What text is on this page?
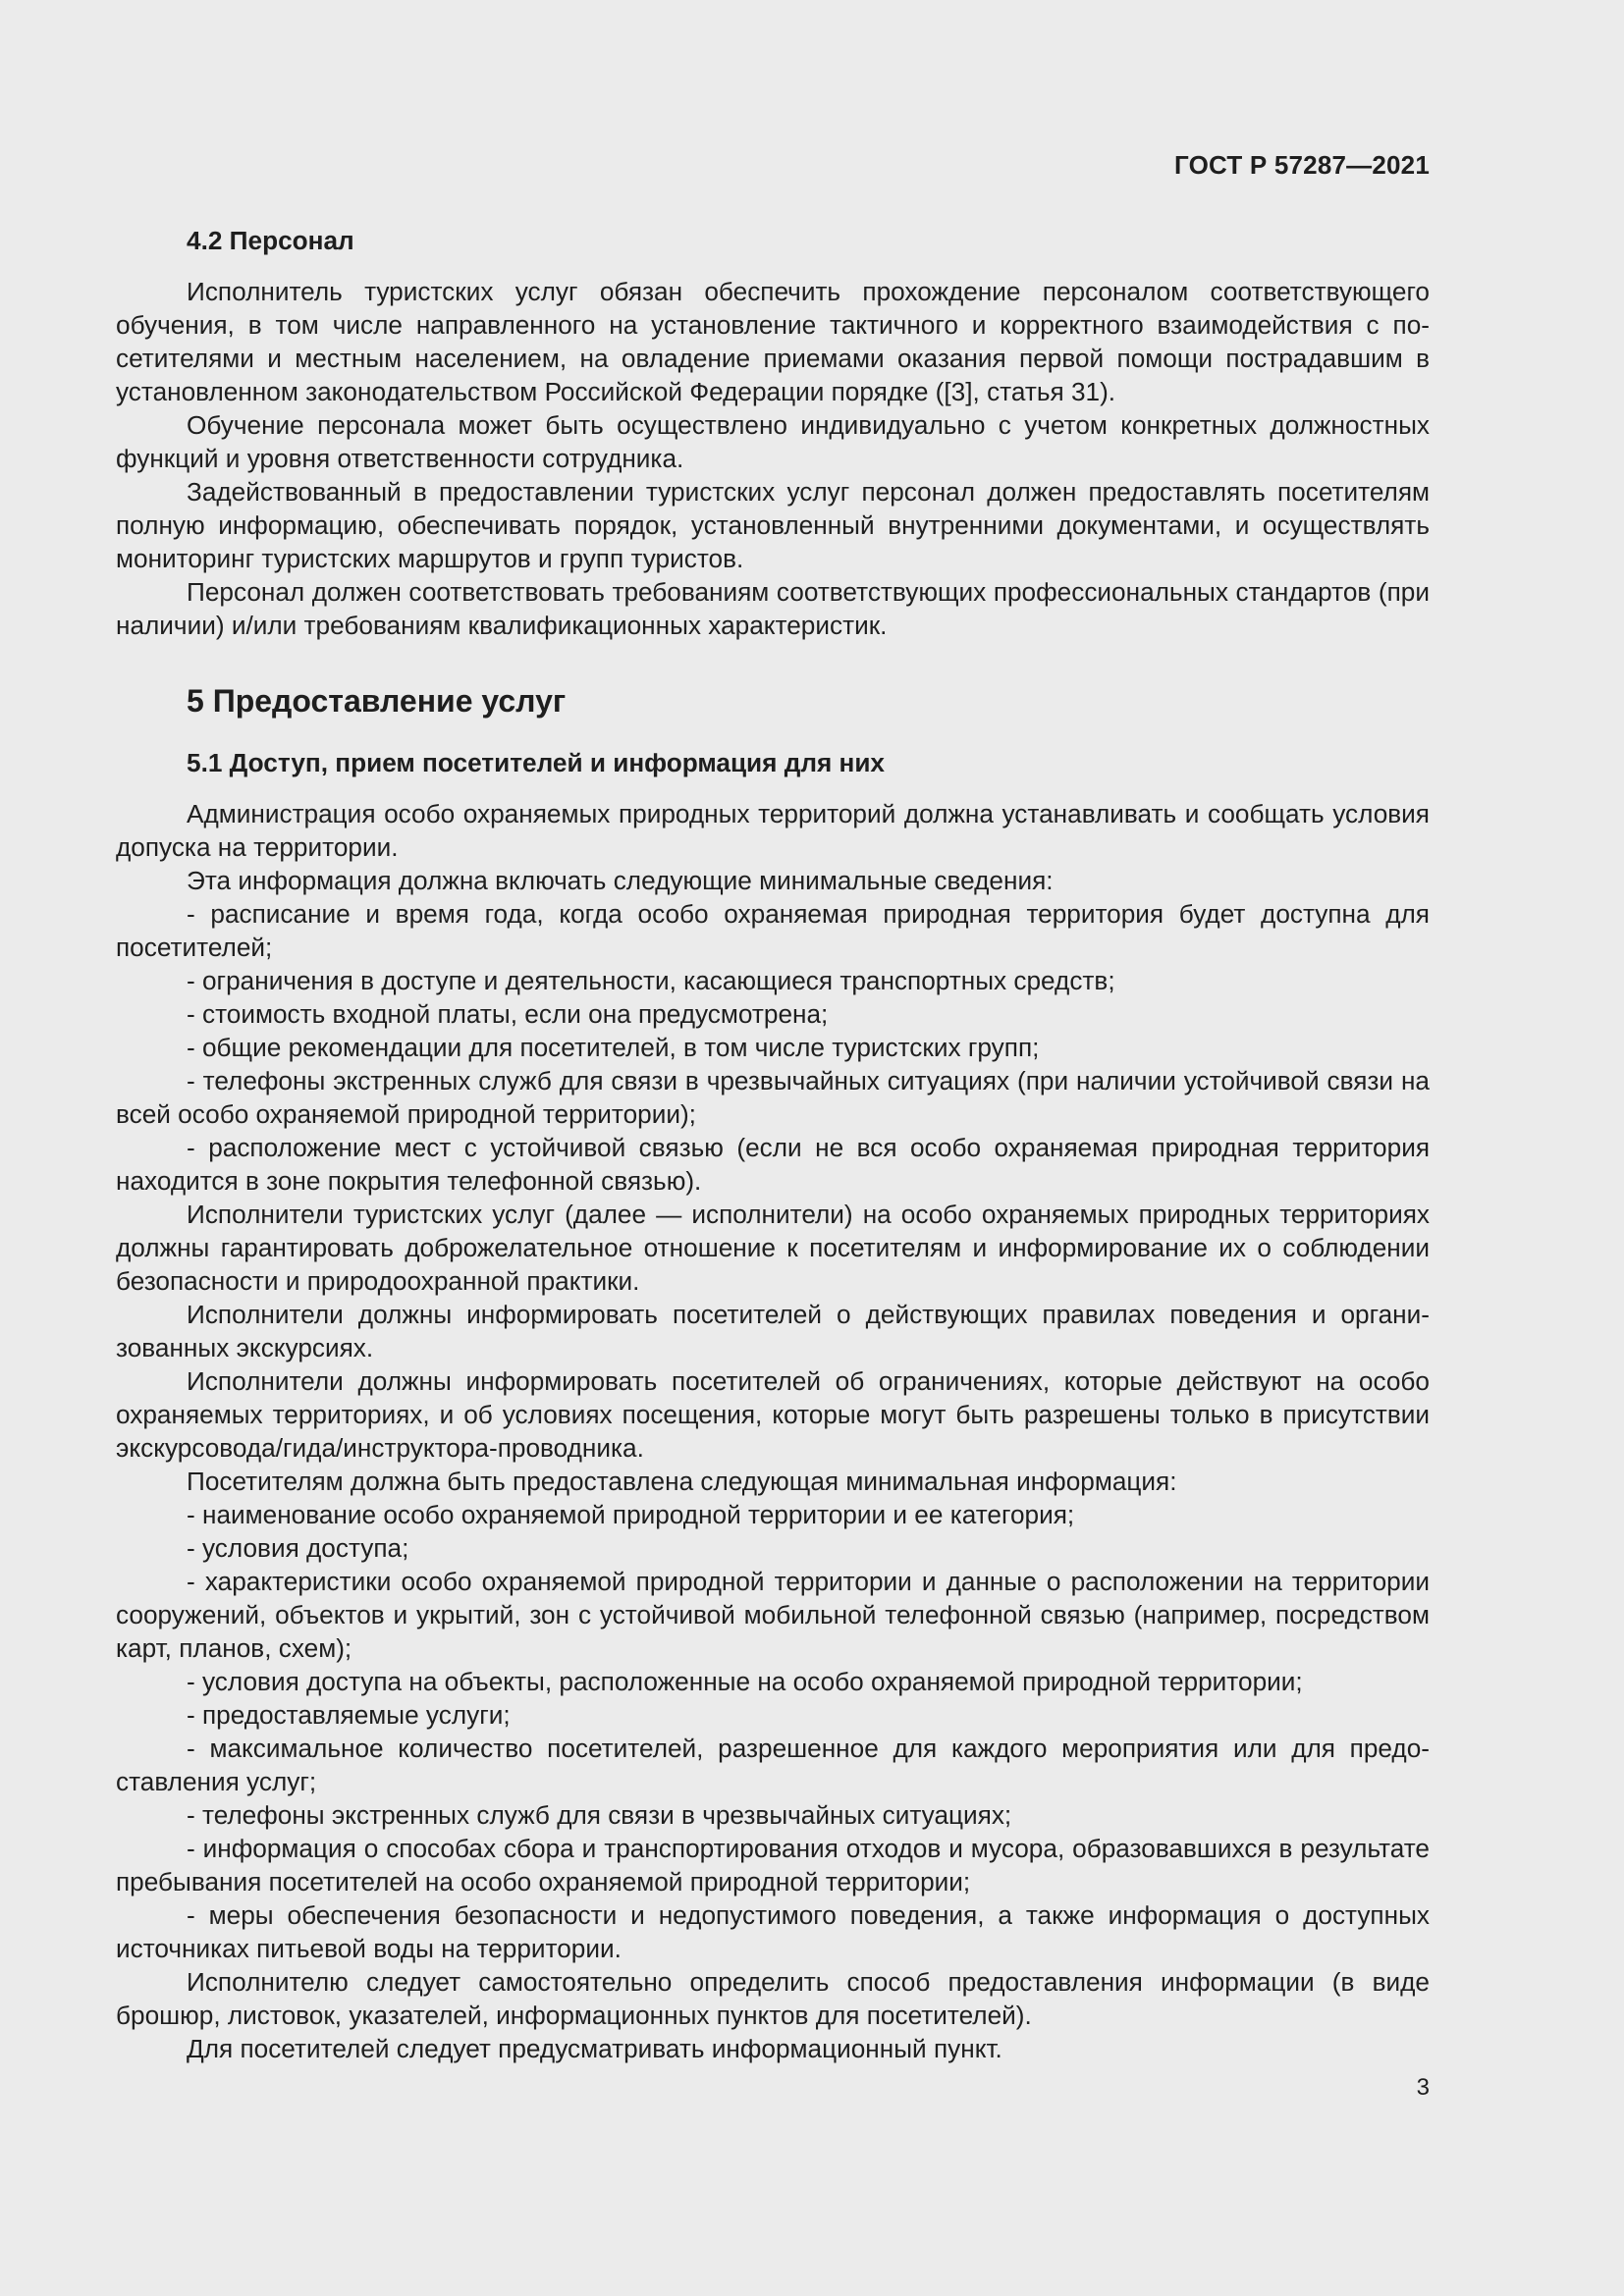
ГОСТ Р 57287—2021
4.2 Персонал

Исполнитель туристских услуг обязан обеспечить прохождение персоналом соответствующего обучения, в том числе направленного на установление тактичного и корректного взаимодействия с посетителями и местным населением, на овладение приемами оказания первой помощи пострадавшим в установленном законодательством Российской Федерации порядке ([3], статья 31).

Обучение персонала может быть осуществлено индивидуально с учетом конкретных должностных функций и уровня ответственности сотрудника.

Задействованный в предоставлении туристских услуг персонал должен предоставлять посетителям полную информацию, обеспечивать порядок, установленный внутренними документами, и осуществлять мониторинг туристских маршрутов и групп туристов.

Персонал должен соответствовать требованиям соответствующих профессиональных стандартов (при наличии) и/или требованиям квалификационных характеристик.

5 Предоставление услуг
5.1 Доступ, прием посетителей и информация для них

Администрация особо охраняемых природных территорий должна устанавливать и сообщать условия допуска на территории.

Эта информация должна включать следующие минимальные сведения:

- расписание и время года, когда особо охраняемая природная территория будет доступна для посетителей;

- ограничения в доступе и деятельности, касающиеся транспортных средств;

- стоимость входной платы, если она предусмотрена;

- общие рекомендации для посетителей, в том числе туристских групп;

- телефоны экстренных служб для связи в чрезвычайных ситуациях (при наличии устойчивой связи на всей особо охраняемой природной территории);

- расположение мест с устойчивой связью (если не вся особо охраняемая природная территория находится в зоне покрытия телефонной связью).

Исполнители туристских услуг (далее — исполнители) на особо охраняемых природных территориях должны гарантировать доброжелательное отношение к посетителям и информирование их о соблюдении безопасности и природоохранной практики.

Исполнители должны информировать посетителей о действующих правилах поведения и организованных экскурсиях.

Исполнители должны информировать посетителей об ограничениях, которые действуют на особо охраняемых территориях, и об условиях посещения, которые могут быть разрешены только в присутствии экскурсовода/гида/инструктора-проводника.

Посетителям должна быть предоставлена следующая минимальная информация:

- наименование особо охраняемой природной территории и ее категория;

- условия доступа;

- характеристики особо охраняемой природной территории и данные о расположении на территории сооружений, объектов и укрытий, зон с устойчивой мобильной телефонной связью (например, посредством карт, планов, схем);

- условия доступа на объекты, расположенные на особо охраняемой природной территории;

- предоставляемые услуги;

- максимальное количество посетителей, разрешенное для каждого мероприятия или для предоставления услуг;

- телефоны экстренных служб для связи в чрезвычайных ситуациях;

- информация о способах сбора и транспортирования отходов и мусора, образовавшихся в результате пребывания посетителей на особо охраняемой природной территории;

- меры обеспечения безопасности и недопустимого поведения, а также информация о доступных источниках питьевой воды на территории.

Исполнителю следует самостоятельно определить способ предоставления информации (в виде брошюр, листовок, указателей, информационных пунктов для посетителей).

Для посетителей следует предусматривать информационный пункт.

3
